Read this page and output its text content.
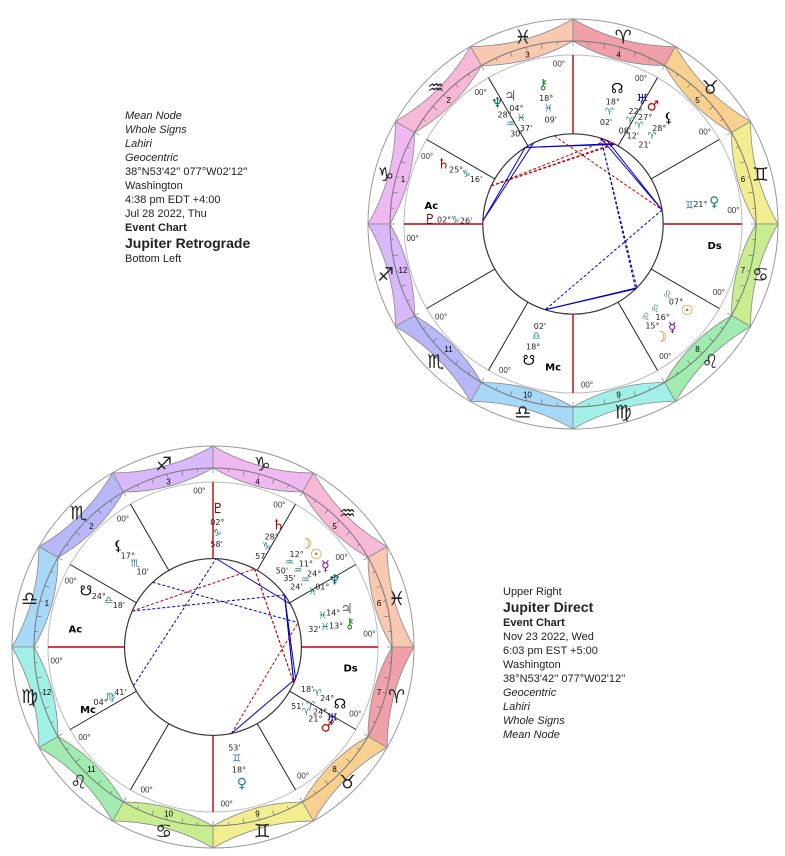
Mean Node
Whole Signs
Lahiri
Geocentric
38°N53'42'' 077°W02'12''
Washington
4:38 pm EDT +4:00
Jul 28 2022, Thu
Event Chart
Jupiter Retrograde
Bottom Left
Upper Right
Jupiter Direct
Event Chart
Nov 23 2022, Wed
6:03 pm EST +5:00
Washington
38°N53'42'' 077°W02'12''
Geocentric
Lahiri
Whole Signs
Mean Node
♑
♒
♓	♈
♉
♊
♋
♌
♍
♎
♏
♐
1
00°
2
00°
3
00°
4
00°
5
00°
6
00°
7
00°
8
00°
9
00°
10
00°
11
00°
12
00°
Ac
Ds
Mc
♄ 25°
♑ 16'
♆
28°
♒
30'
♃
04°
♓
37'
⚷
18°
♓
09'
☊
18°
♈
02'
♅
22°
♈
08'
♂
27°
♈
12'
⚸
28°
♈
21'
♇ 02° ♑ 26'
♀
21°
♊
☿
16°
♌
☽
15°
♌ ☉
07°
♌
☋
18°
♎
02'
♎
♏
♐	♑
♒
♓
♈
♉
♊
♋
♌
♍
1
00°
2
00°
3
00°
4
00°
5
00°
6
00°
7
00°
8
00°
9
00°
10
00°
11
00°
12
00°
Ac
Ds
Mc
04°
♍ 41'
☿
24°
♒
24'
☽
12°
♒
50'
☉
11°
♒
35'
♀
18°
♊
53'
☋ 24°
♎ 18'
⚸
17°
♏
10'
♇
02°
♑
58'
♄
28°
♑
57'
♆
01°
♓
♃
14°
♓ ⚷
13°
♓
32'
☊
24°
♈
18'
♅
24°
♈
♂
21°
♈
51'
